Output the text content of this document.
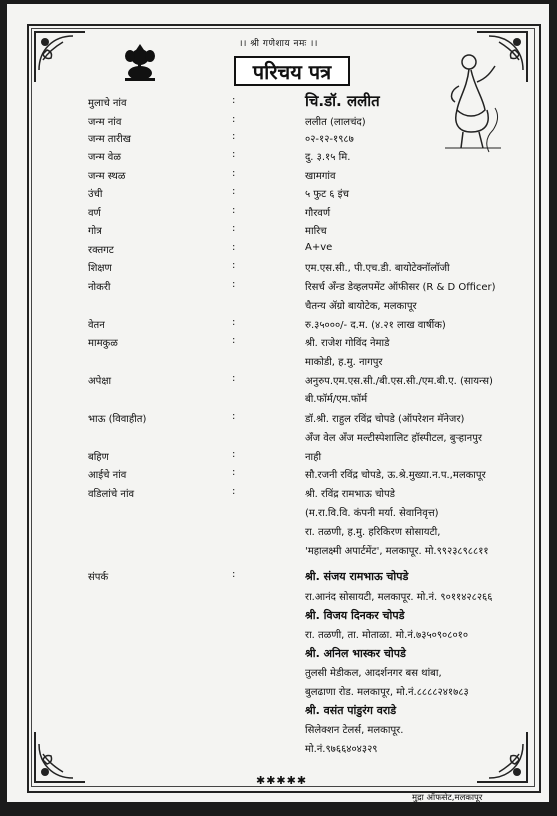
।। श्री गणेशाय नमः ।।
परिचय पत्र
मुलाचे नांव	:	चि.डॉ. ललीत
जन्म नांव	:	ललीत (लालचंद)
जन्म तारीख	:	०२-१२-१९८७
जन्म वेळ	:	दु. ३.१५ मि.
जन्म स्थळ	:	खामगांव
उंची	:	५ फुट ६ इंच
वर्ण	:	गौरवर्ण
गोत्र	:	मारिच
रक्तगट	:	A+ve
शिक्षण	:	एम.एस.सी., पी.एच.डी. बायोटेक्नॉलॉजी
नोकरी	:	रिसर्च अँन्ड डेव्हलपमेंट ऑफीसर (R & D Officer)
चैतन्य ॲग्रो बायोटेक, मलकापूर
वेतन	:	रु.३५०००/- द.म. (४.२१ लाख वार्षीक)
मामकुळ	:	श्री. राजेश गोविंद नेमाडे
माकोडी, ह.मु. नागपुर
अपेक्षा	:	अनुरुप.एम.एस.सी./बी.एस.सी./एम.बी.ए. (सायन्स)
बी.फॉर्म/एम.फॉर्म
भाऊ (विवाहीत)	:	डॉ.श्री. राहुल रविंद्र चोपडे (ऑपरेशन मॅनेजर)
अँज वेल अँज मल्टीस्पेशालिट हॉस्पीटल, बुऱ्हानपुर
बहिण	:	नाही
आईचे नांव	:	सौ.रजनी रविंद्र चोपडे, ऊ.श्रे.मुख्या.न.प.,मलकापूर
वडिलांचे नांव	:	श्री. रविंद्र रामभाऊ चोपडे
(म.रा.वि.वि. कंपनी मर्या. सेवानिवृत्त)
रा. तळणी, ह.मु. हरिकिरण सोसायटी,
'महालक्ष्मी अपार्टमेंट', मलकापूर. मो.९९२३८९८८११
संपर्क	:	श्री. संजय रामभाऊ चोपडे
रा.आनंद सोसायटी, मलकापूर. मो.नं. ९०११४२८२६६
श्री. विजय दिनकर चोपडे
रा. तळणी, ता. मोताळा. मो.नं.७३५०९०८०१०
श्री. अनिल भास्कर चोपडे
तुलसी मेडीकल, आदर्शनगर बस थांबा,
बुलढाणा रोड. मलकापूर, मो.नं.८८८८२४१७८३
श्री. वसंत पांडुरंग वराडे
सिलेक्शन टेलर्स, मलकापूर.
मो.नं.९७६६४०४३२९
✱✱✱✱✱
मुद्रा ऑफसेट,मलकापूर
